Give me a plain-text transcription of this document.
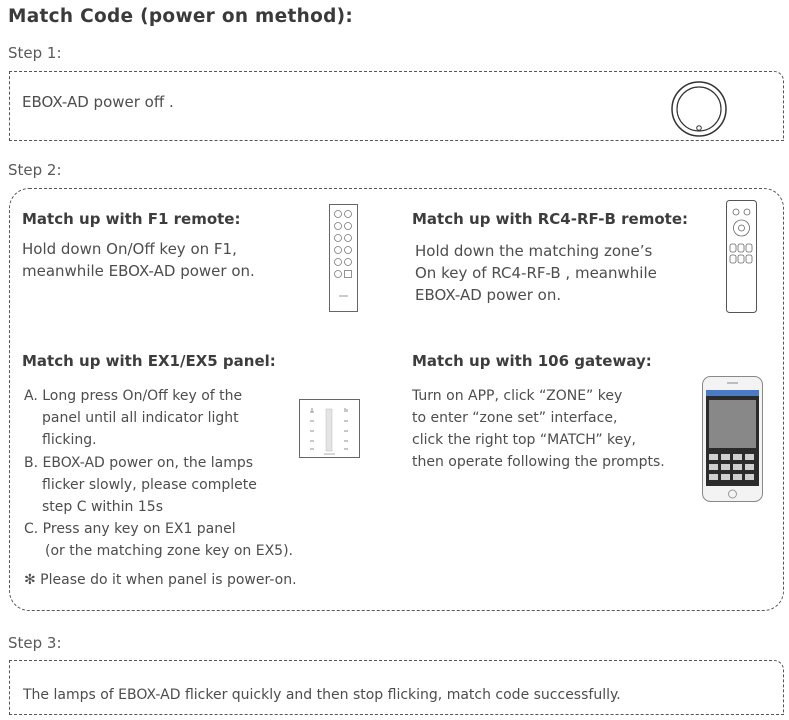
Match Code (power on method):
Step 1:
EBOX-AD power off .
Step 2:
Match up with F1 remote:
Hold down On/Off key on F1,
meanwhile EBOX-AD power on.
Match up with RC4-RF-B remote:
Hold down the matching zone’s
On key of RC4-RF-B , meanwhile
EBOX-AD power on.
Match up with EX1/EX5 panel:
A. Long press On/Off key of the
panel until all indicator light
flicking.
B. EBOX-AD power on, the lamps
flicker slowly, please complete
step C within 15s
C. Press any key on EX1 panel
(or the matching zone key on EX5).
✻ Please do it when panel is power-on.
Match up with 106 gateway:
Turn on APP, click “ZONE” key
to enter “zone set” interface,
click the right top “MATCH” key,
then operate following the prompts.
Step 3:
The lamps of EBOX-AD flicker quickly and then stop flicking, match code successfully.
